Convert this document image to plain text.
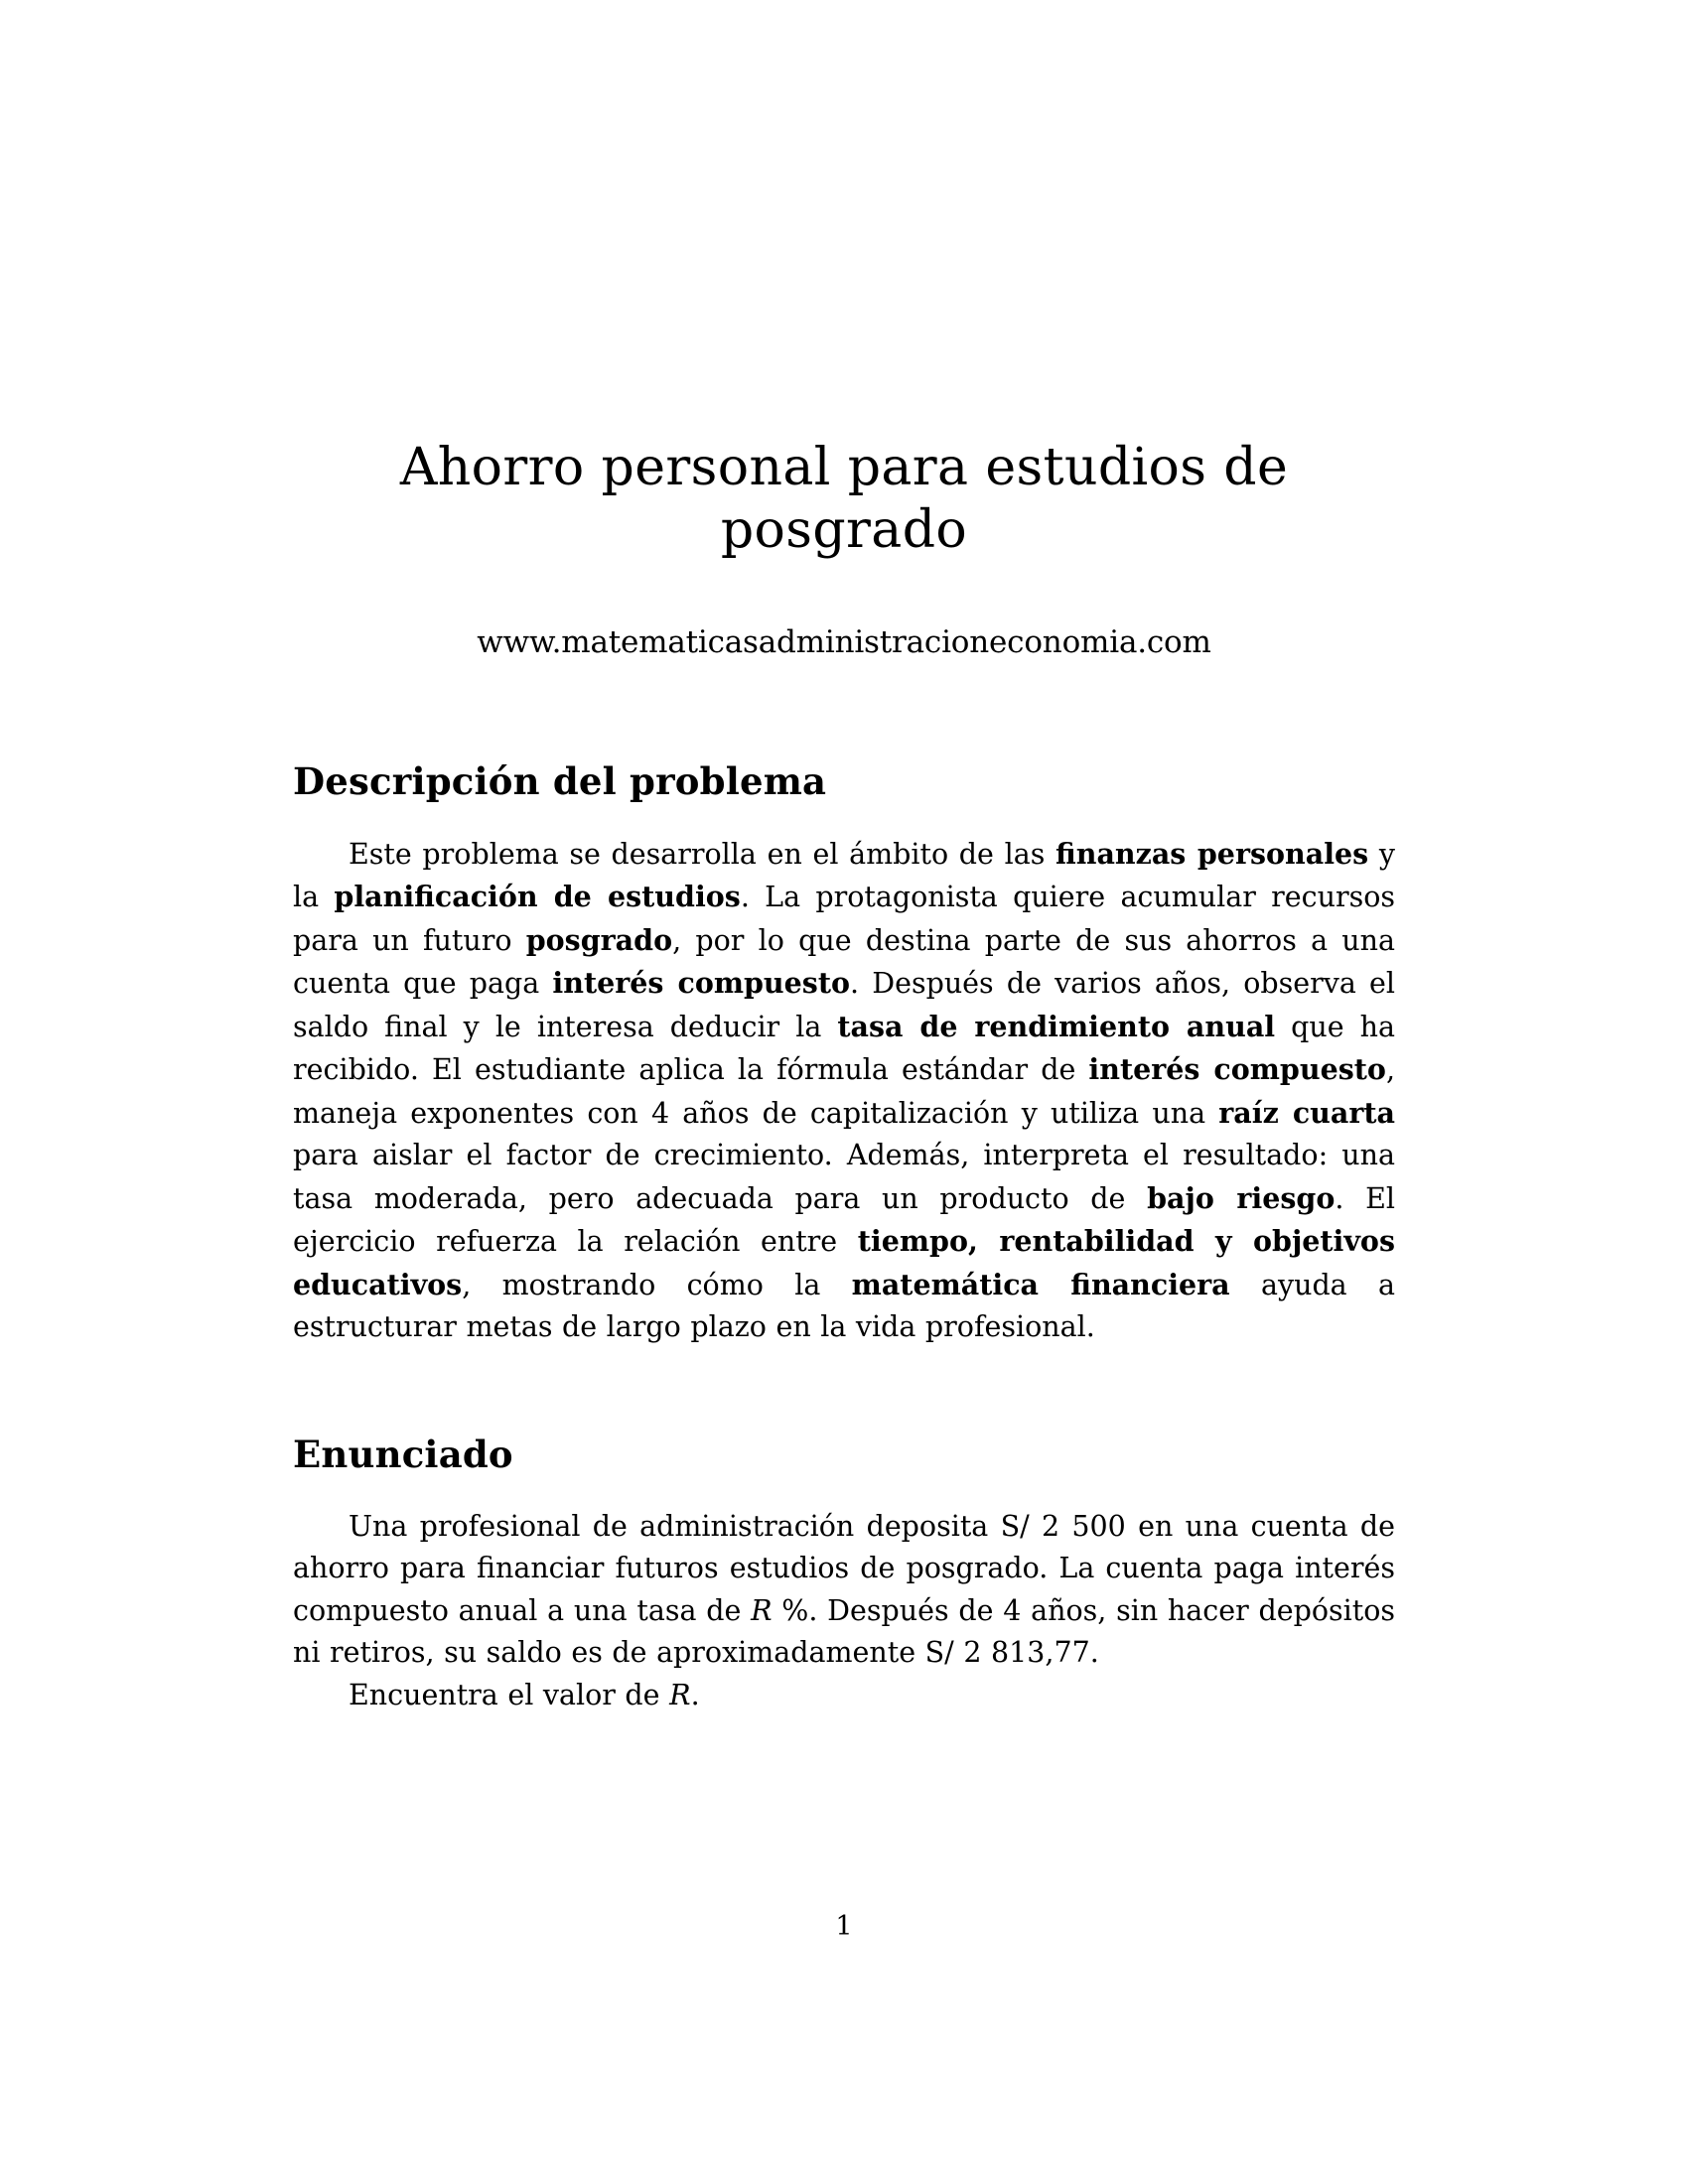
Ahorro personal para estudios de posgrado
www.matematicasadministracioneconomia.com
Descripción del problema

Este problema se desarrolla en el ámbito de las finanzas personales y la planificación de estudios. La protagonista quiere acumular recursos para un futuro posgrado, por lo que destina parte de sus ahorros a una cuenta que paga interés compuesto. Después de varios años, observa el saldo final y le interesa deducir la tasa de rendimiento anual que ha recibido. El estudiante aplica la fórmula estándar de interés compuesto, maneja exponentes con 4 años de capitalización y utiliza una raíz cuarta para aislar el factor de crecimiento. Además, interpreta el resultado: una tasa moderada, pero adecuada para un producto de bajo riesgo. El ejercicio refuerza la relación entre tiempo, rentabilidad y objetivos educativos, mostrando cómo la matemática financiera ayuda a estructurar metas de largo plazo en la vida profesional.

Enunciado

Una profesional de administración deposita S/ 2 500 en una cuenta de ahorro para financiar futuros estudios de posgrado. La cuenta paga interés compuesto anual a una tasa de R %. Después de 4 años, sin hacer depósitos ni retiros, su saldo es de aproximadamente S/ 2 813,77.
Encuentra el valor de R.

1
